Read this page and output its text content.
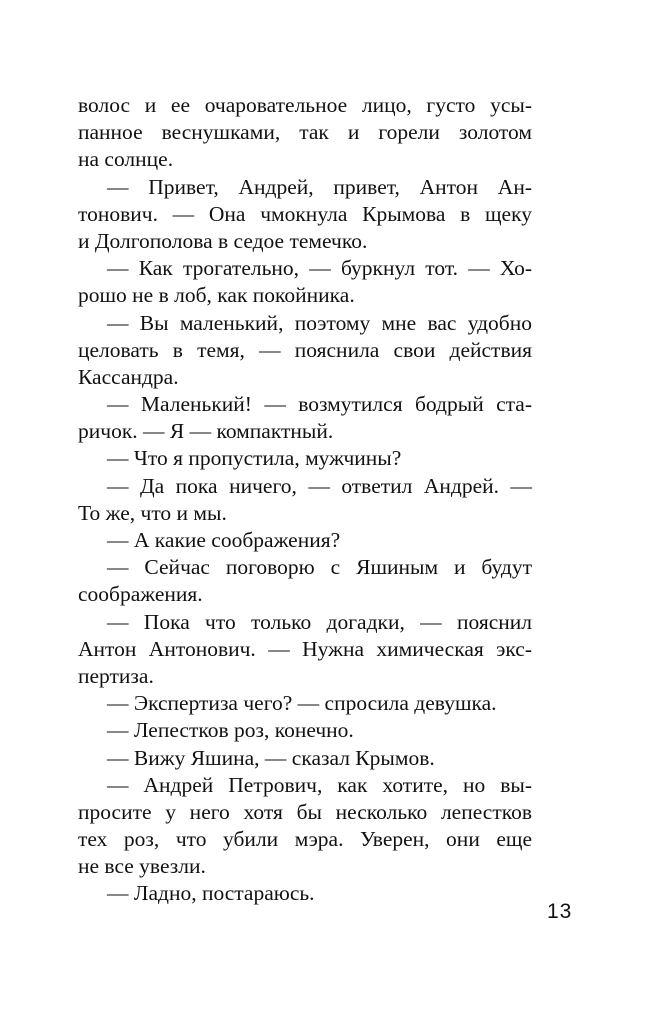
волос и ее очаровательное лицо, густо усы-
панное веснушками, так и горели золотом
на солнце.
— Привет, Андрей, привет, Антон Ан-
тонович. — Она чмокнула Крымова в щеку
и Долгополова в седое темечко.
— Как трогательно, — буркнул тот. — Хо-
рошо не в лоб, как покойника.
— Вы маленький, поэтому мне вас удобно
целовать в темя, — пояснила свои действия
Кассандра.
— Маленький! — возмутился бодрый ста-
ричок. — Я — компактный.
— Что я пропустила, мужчины?
— Да пока ничего, — ответил Андрей. —
То же, что и мы.
— А какие соображения?
— Сейчас поговорю с Яшиным и будут
соображения.
— Пока что только догадки, — пояснил
Антон Антонович. — Нужна химическая экс-
пертиза.
— Экспертиза чего? — спросила девушка.
— Лепестков роз, конечно.
— Вижу Яшина, — сказал Крымов.
— Андрей Петрович, как хотите, но вы-
просите у него хотя бы несколько лепестков
тех роз, что убили мэра. Уверен, они еще
не все увезли.
— Ладно, постараюсь.
13
